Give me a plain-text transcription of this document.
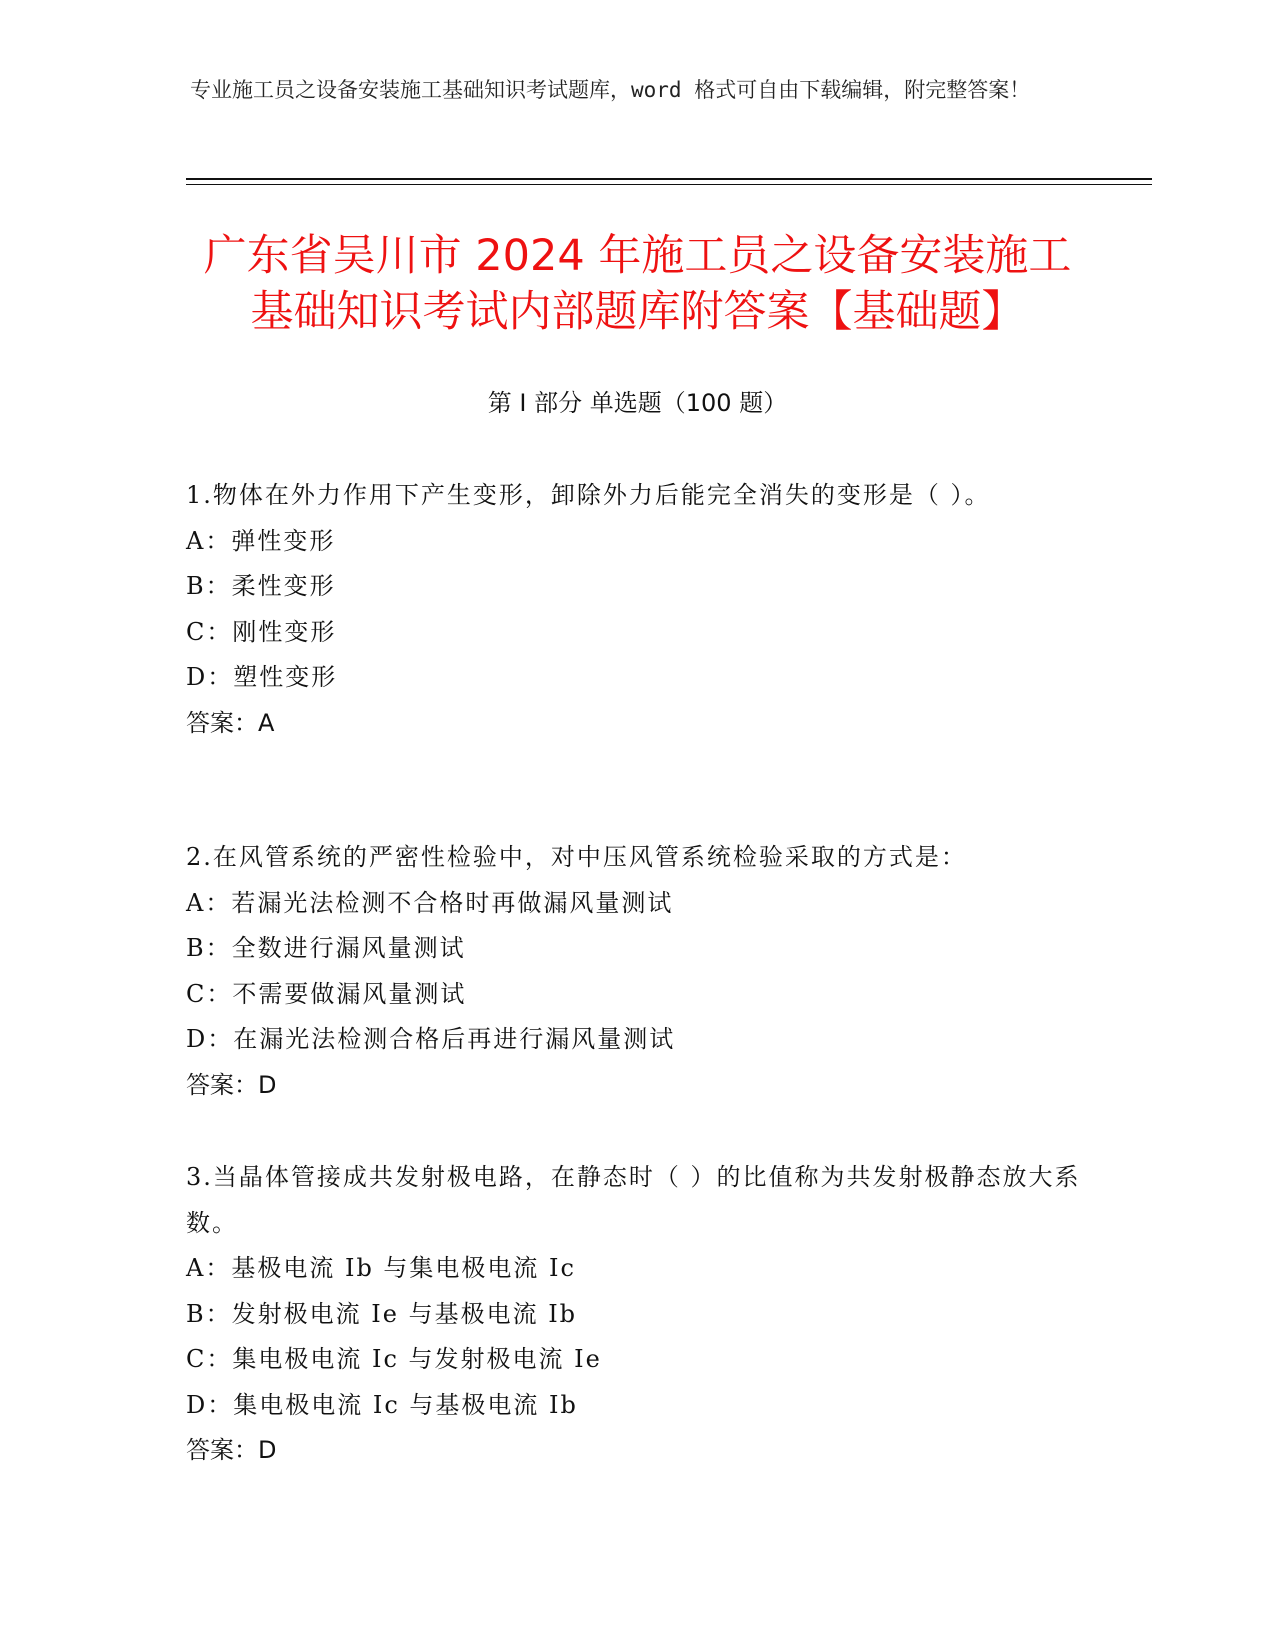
专业施工员之设备安装施工基础知识考试题库，word 格式可自由下载编辑，附完整答案！
广东省吴川市 2024 年施工员之设备安装施工
基础知识考试内部题库附答案【基础题】
第 I 部分 单选题（100 题）
1.物体在外力作用下产生变形，卸除外力后能完全消失的变形是（ ）。
A：弹性变形
B：柔性变形
C：刚性变形
D：塑性变形
答案：A
2.在风管系统的严密性检验中，对中压风管系统检验采取的方式是：
A：若漏光法检测不合格时再做漏风量测试
B：全数进行漏风量测试
C：不需要做漏风量测试
D：在漏光法检测合格后再进行漏风量测试
答案：D
3.当晶体管接成共发射极电路，在静态时（ ）的比值称为共发射极静态放大系数。
A：基极电流 Ib 与集电极电流 Ic
B：发射极电流 Ie 与基极电流 Ib
C：集电极电流 Ic 与发射极电流 Ie
D：集电极电流 Ic 与基极电流 Ib
答案：D
